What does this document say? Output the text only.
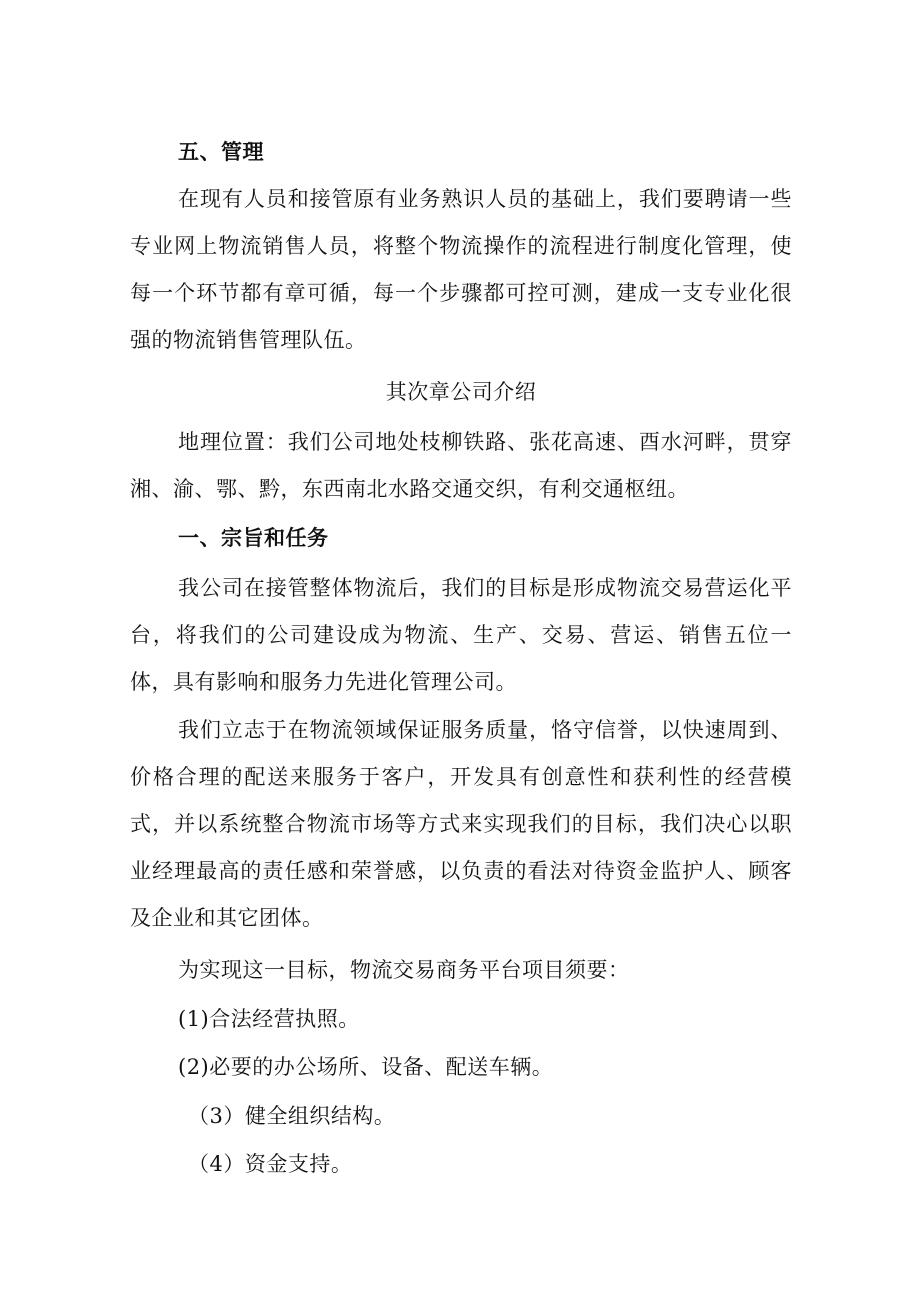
五、管理
在现有人员和接管原有业务熟识人员的基础上，我们要聘请一些专业网上物流销售人员，将整个物流操作的流程进行制度化管理，使每一个环节都有章可循，每一个步骤都可控可测，建成一支专业化很强的物流销售管理队伍。
其次章公司介绍
地理位置：我们公司地处枝柳铁路、张花高速、酉水河畔，贯穿湘、渝、鄂、黔，东西南北水路交通交织，有利交通枢纽。
一、宗旨和任务
我公司在接管整体物流后，我们的目标是形成物流交易营运化平台，将我们的公司建设成为物流、生产、交易、营运、销售五位一体，具有影响和服务力先进化管理公司。
我们立志于在物流领域保证服务质量，恪守信誉，以快速周到、价格合理的配送来服务于客户，开发具有创意性和获利性的经营模式，并以系统整合物流市场等方式来实现我们的目标，我们决心以职业经理最高的责任感和荣誉感，以负责的看法对待资金监护人、顾客及企业和其它团体。
为实现这一目标，物流交易商务平台项目须要：
(1)合法经营执照。
(2)必要的办公场所、设备、配送车辆。
（3）健全组织结构。
（4）资金支持。
